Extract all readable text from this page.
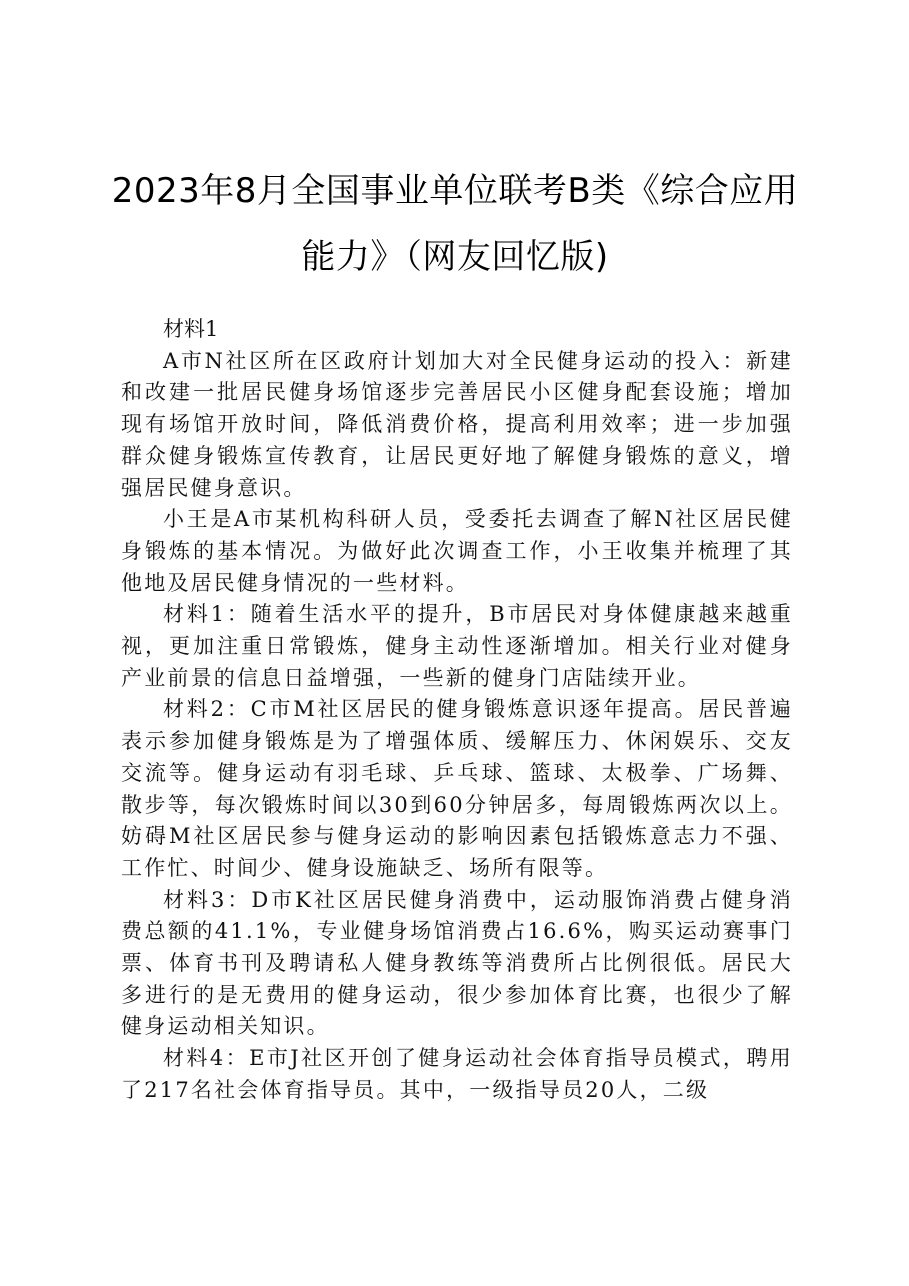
2023年8月全国事业单位联考B类《综合应用能力》（网友回忆版)

材料1

A市N社区所在区政府计划加大对全民健身运动的投入：新建和改建一批居民健身场馆逐步完善居民小区健身配套设施；增加现有场馆开放时间，降低消费价格，提高利用效率；进一步加强群众健身锻炼宣传教育，让居民更好地了解健身锻炼的意义，增强居民健身意识。

小王是A市某机构科研人员，受委托去调查了解N社区居民健身锻炼的基本情况。为做好此次调查工作，小王收集并梳理了其他地及居民健身情况的一些材料。

材料1：随着生活水平的提升，B市居民对身体健康越来越重视，更加注重日常锻炼，健身主动性逐渐增加。相关行业对健身产业前景的信息日益增强，一些新的健身门店陆续开业。

材料2：C市M社区居民的健身锻炼意识逐年提高。居民普遍表示参加健身锻炼是为了增强体质、缓解压力、休闲娱乐、交友交流等。健身运动有羽毛球、乒乓球、篮球、太极拳、广场舞、散步等，每次锻炼时间以30到60分钟居多，每周锻炼两次以上。妨碍M社区居民参与健身运动的影响因素包括锻炼意志力不强、工作忙、时间少、健身设施缺乏、场所有限等。

材料3：D市K社区居民健身消费中，运动服饰消费占健身消费总额的41.1%，专业健身场馆消费占16.6%，购买运动赛事门票、体育书刊及聘请私人健身教练等消费所占比例很低。居民大多进行的是无费用的健身运动，很少参加体育比赛，也很少了解健身运动相关知识。

材料4：E市J社区开创了健身运动社会体育指导员模式，聘用了217名社会体育指导员。其中，一级指导员20人，二级
